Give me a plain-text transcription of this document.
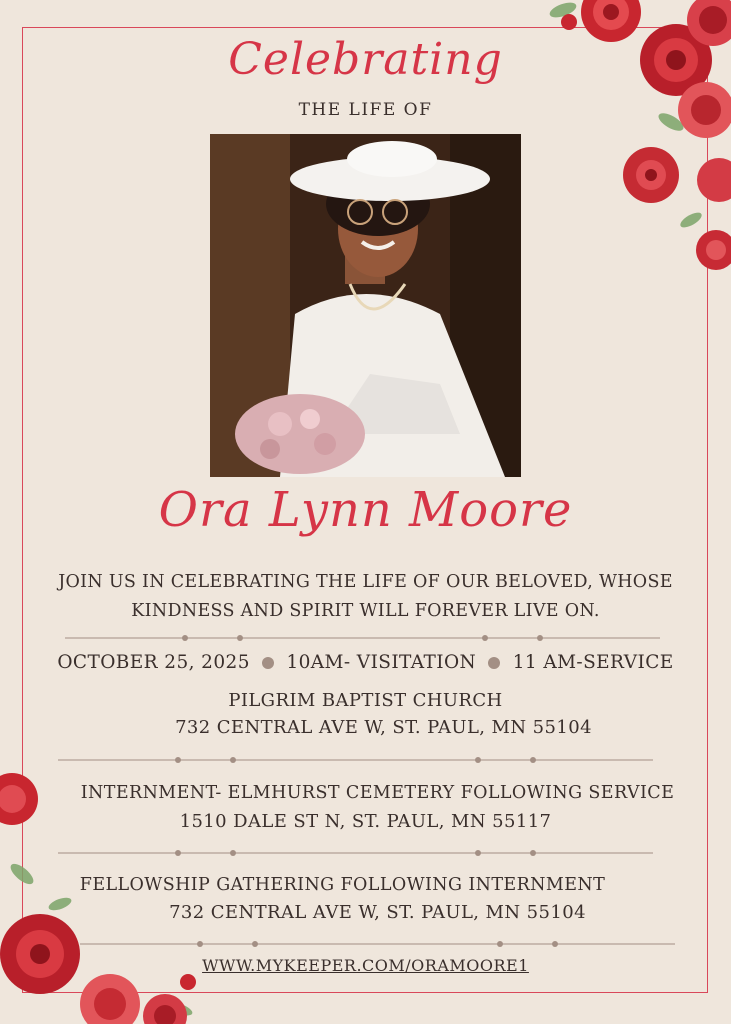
Celebrating
THE LIFE OF
Ora Lynn Moore
JOIN US IN CELEBRATING THE LIFE OF OUR BELOVED, WHOSE
KINDNESS AND SPIRIT WILL FOREVER LIVE ON.
OCTOBER 25, 2025 10AM- VISITATION 11 AM-SERVICE
PILGRIM BAPTIST CHURCH
732 CENTRAL AVE W, ST. PAUL, MN 55104
INTERNMENT- ELMHURST CEMETERY FOLLOWING SERVICE
1510 DALE ST N, ST. PAUL, MN 55117
FELLOWSHIP GATHERING FOLLOWING INTERNMENT
732 CENTRAL AVE W, ST. PAUL, MN 55104
WWW.MYKEEPER.COM/ORAMOORE1
